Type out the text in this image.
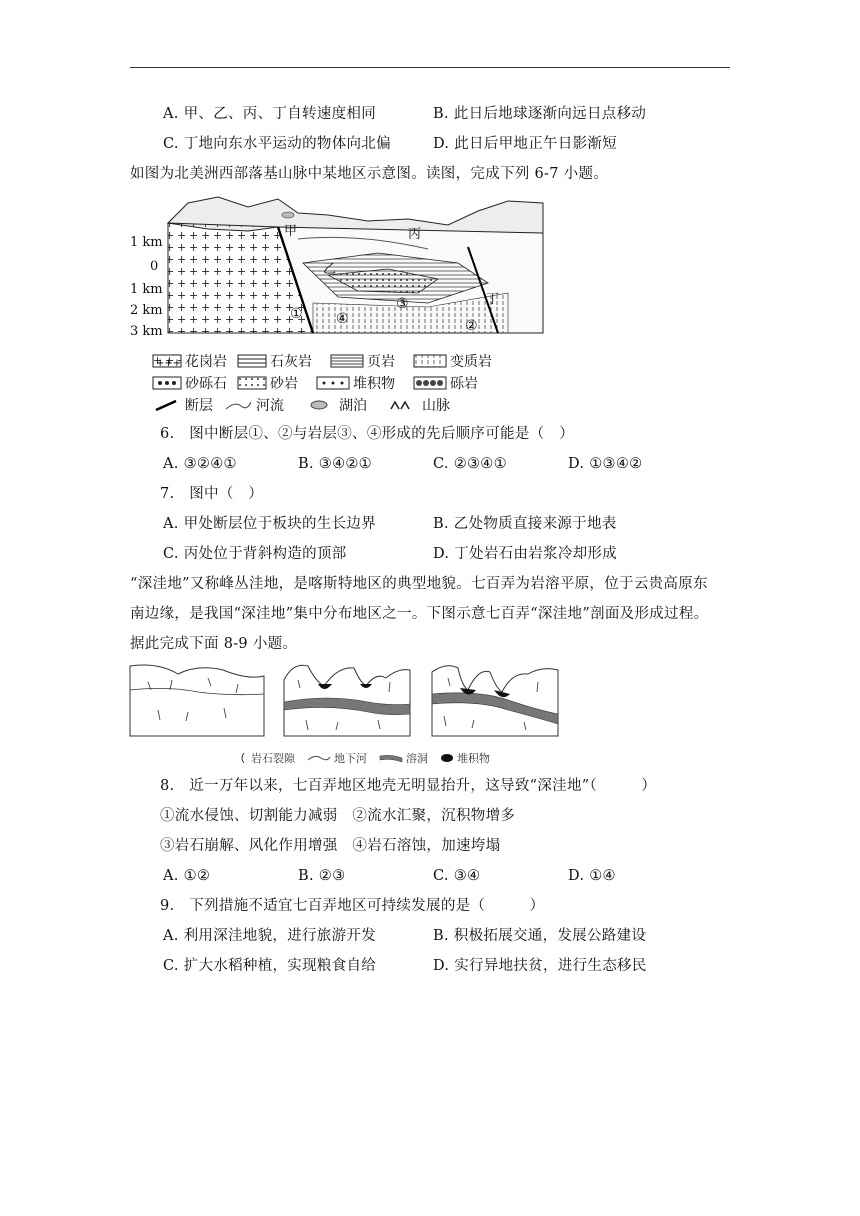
A. 甲、乙、丙、丁自转速度相同	B. 此日后地球逐渐向远日点移动
C. 丁地向东水平运动的物体向北偏	D. 此日后甲地正午日影渐短
如图为北美洲西部落基山脉中某地区示意图。读图，完成下列 6-7 小题。
1 km
0
1 km
2 km
3 km
甲
乙
丙
丁
①
②
③
④
+++ 花岗岩	石灰岩	页岩	变质岩
砂砾石	砂岩	堆积物	砾岩
断层	河流	湖泊	山脉
6.　图中断层①、②与岩层③、④形成的先后顺序可能是（　）
A. ③②④①	B. ③④②①	C. ②③④①	D. ①③④②
7.　图中（　）
A. 甲处断层位于板块的生长边界	B. 乙处物质直接来源于地表
C. 丙处位于背斜构造的顶部	D. 丁处岩石由岩浆冷却形成
“深洼地”又称峰丛洼地，是喀斯特地区的典型地貌。七百弄为岩溶平原，位于云贵高原东
南边缘，是我国“深洼地”集中分布地区之一。下图示意七百弄“深洼地”剖面及形成过程。
据此完成下面 8-9 小题。
岩石裂隙	地下河	溶洞	堆积物
8.　近一万年以来，七百弄地区地壳无明显抬升，这导致“深洼地”（　　　）
①流水侵蚀、切割能力减弱　②流水汇聚，沉积物增多
③岩石崩解、风化作用增强　④岩石溶蚀，加速垮塌
A. ①②	B. ②③	C. ③④	D. ①④
9.　下列措施不适宜七百弄地区可持续发展的是（　　　）
A. 利用深洼地貌，进行旅游开发	B. 积极拓展交通，发展公路建设
C. 扩大水稻种植，实现粮食自给	D. 实行异地扶贫，进行生态移民
